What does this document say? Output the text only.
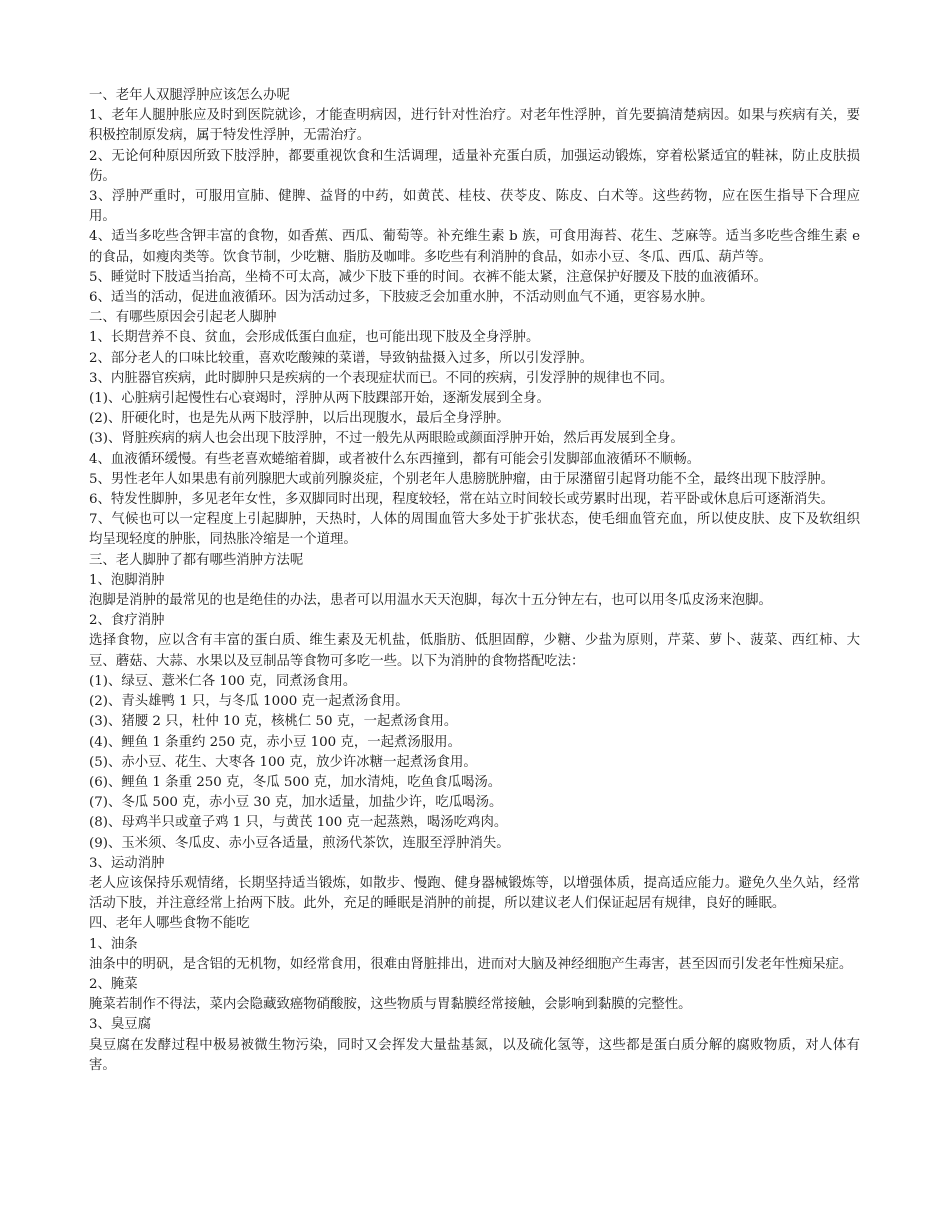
一、老年人双腿浮肿应该怎么办呢

1、老年人腿肿胀应及时到医院就诊，才能查明病因，进行针对性治疗。对老年性浮肿，首先要搞清楚病因。如果与疾病有关，要积极控制原发病，属于特发性浮肿，无需治疗。

2、无论何种原因所致下肢浮肿，都要重视饮食和生活调理，适量补充蛋白质，加强运动锻炼，穿着松紧适宜的鞋袜，防止皮肤损伤。

3、浮肿严重时，可服用宣肺、健脾、益肾的中药，如黄芪、桂枝、茯苓皮、陈皮、白术等。这些药物，应在医生指导下合理应用。

4、适当多吃些含钾丰富的食物，如香蕉、西瓜、葡萄等。补充维生素 b 族，可食用海苔、花生、芝麻等。适当多吃些含维生素 e 的食品，如瘦肉类等。饮食节制，少吃糖、脂肪及咖啡。多吃些有利消肿的食品，如赤小豆、冬瓜、西瓜、葫芦等。

5、睡觉时下肢适当抬高，坐椅不可太高，减少下肢下垂的时间。衣裤不能太紧，注意保护好腰及下肢的血液循环。

6、适当的活动，促进血液循环。因为活动过多，下肢疲乏会加重水肿，不活动则血气不通，更容易水肿。

二、有哪些原因会引起老人脚肿

1、长期营养不良、贫血，会形成低蛋白血症，也可能出现下肢及全身浮肿。

2、部分老人的口味比较重，喜欢吃酸辣的菜谱，导致钠盐摄入过多，所以引发浮肿。

3、内脏器官疾病，此时脚肿只是疾病的一个表现症状而已。不同的疾病，引发浮肿的规律也不同。

(1)、心脏病引起慢性右心衰竭时，浮肿从两下肢踝部开始，逐渐发展到全身。

(2)、肝硬化时，也是先从两下肢浮肿，以后出现腹水，最后全身浮肿。

(3)、肾脏疾病的病人也会出现下肢浮肿，不过一般先从两眼睑或颜面浮肿开始，然后再发展到全身。

4、血液循环缓慢。有些老喜欢蜷缩着脚，或者被什么东西撞到，都有可能会引发脚部血液循环不顺畅。

5、男性老年人如果患有前列腺肥大或前列腺炎症，个别老年人患膀胱肿瘤，由于尿潴留引起肾功能不全，最终出现下肢浮肿。

6、特发性脚肿，多见老年女性，多双脚同时出现，程度较轻，常在站立时间较长或劳累时出现，若平卧或休息后可逐渐消失。

7、气候也可以一定程度上引起脚肿，天热时，人体的周围血管大多处于扩张状态，使毛细血管充血，所以使皮肤、皮下及软组织均呈现轻度的肿胀，同热胀冷缩是一个道理。

三、老人脚肿了都有哪些消肿方法呢

1、泡脚消肿

泡脚是消肿的最常见的也是绝佳的办法，患者可以用温水天天泡脚，每次十五分钟左右，也可以用冬瓜皮汤来泡脚。

2、食疗消肿

选择食物，应以含有丰富的蛋白质、维生素及无机盐，低脂肪、低胆固醇，少糖、少盐为原则，芹菜、萝卜、菠菜、西红柿、大豆、蘑菇、大蒜、水果以及豆制品等食物可多吃一些。以下为消肿的食物搭配吃法：

(1)、绿豆、薏米仁各 100 克，同煮汤食用。

(2)、青头雄鸭 1 只，与冬瓜 1000 克一起煮汤食用。

(3)、猪腰 2 只，杜仲 10 克，核桃仁 50 克，一起煮汤食用。

(4)、鲤鱼 1 条重约 250 克，赤小豆 100 克，一起煮汤服用。

(5)、赤小豆、花生、大枣各 100 克，放少许冰糖一起煮汤食用。

(6)、鲤鱼 1 条重 250 克，冬瓜 500 克，加水清炖，吃鱼食瓜喝汤。

(7)、冬瓜 500 克，赤小豆 30 克，加水适量，加盐少许，吃瓜喝汤。

(8)、母鸡半只或童子鸡 1 只，与黄芪 100 克一起蒸熟，喝汤吃鸡肉。

(9)、玉米须、冬瓜皮、赤小豆各适量，煎汤代茶饮，连服至浮肿消失。

3、运动消肿

老人应该保持乐观情绪，长期坚持适当锻炼，如散步、慢跑、健身器械锻炼等，以增强体质，提高适应能力。避免久坐久站，经常活动下肢，并注意经常上抬两下肢。此外，充足的睡眠是消肿的前提，所以建议老人们保证起居有规律，良好的睡眠。

四、老年人哪些食物不能吃

1、油条

油条中的明矾，是含铝的无机物，如经常食用，很难由肾脏排出，进而对大脑及神经细胞产生毒害，甚至因而引发老年性痴呆症。

2、腌菜

腌菜若制作不得法，菜内会隐藏致癌物硝酸胺，这些物质与胃黏膜经常接触，会影响到黏膜的完整性。

3、臭豆腐

臭豆腐在发酵过程中极易被微生物污染，同时又会挥发大量盐基氮，以及硫化氢等，这些都是蛋白质分解的腐败物质，对人体有害。
